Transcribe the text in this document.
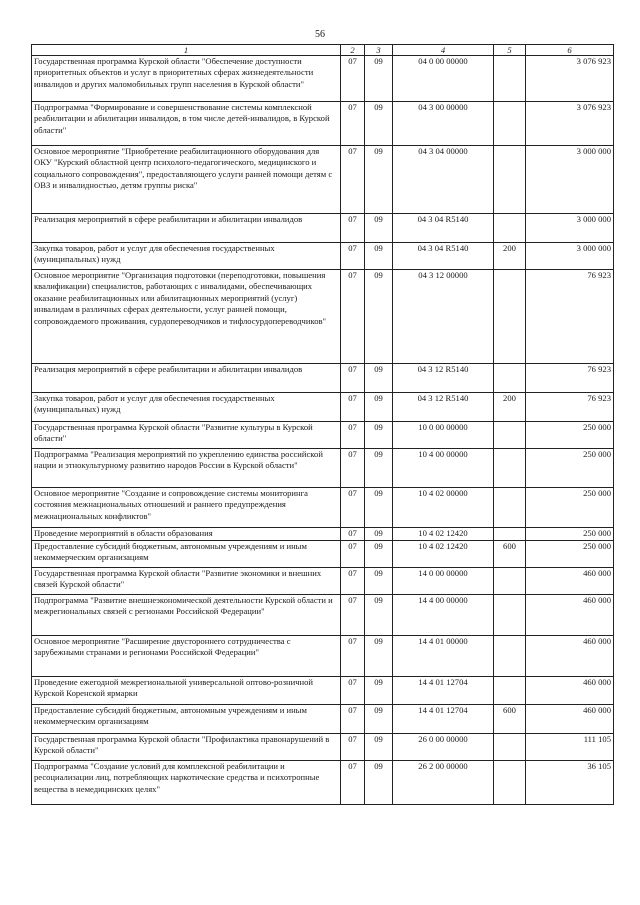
56
1	2	3	4	5	6
Государственная программа Курской области "Обеспечение доступности приоритетных объектов и услуг в приоритетных сферах жизнедеятельности инвалидов и других маломобильных групп населения в Курской области"	07	09	04 0 00 00000		3 076 923
Подпрограмма "Формирование и совершенствование системы комплексной реабилитации и абилитации инвалидов, в том числе детей-инвалидов, в Курской области"	07	09	04 3 00 00000		3 076 923
Основное мероприятие "Приобретение реабилитационного оборудования для ОКУ "Курский областной центр психолого-педагогического, медицинского и социального сопровождения", предоставляющего услуги ранней помощи детям с ОВЗ и инвалидностью, детям группы риска"	07	09	04 3 04 00000		3 000 000
Реализация мероприятий в сфере реабилитации и абилитации инвалидов	07	09	04 3 04 R5140		3 000 000
Закупка товаров, работ и услуг для обеспечения государственных (муниципальных) нужд	07	09	04 3 04 R5140	200	3 000 000
Основное мероприятие "Организация подготовки (переподготовки, повышения квалификации) специалистов, работающих с инвалидами, обеспечивающих оказание реабилитационных или абилитационных мероприятий (услуг) инвалидам в различных сферах деятельности, услуг ранней помощи, сопровождаемого проживания, сурдопереводчиков и тифлосурдопереводчиков"	07	09	04 3 12 00000		76 923
Реализация мероприятий в сфере реабилитации и абилитации инвалидов	07	09	04 3 12 R5140		76 923
Закупка товаров, работ и услуг для обеспечения государственных (муниципальных) нужд	07	09	04 3 12 R5140	200	76 923
Государственная программа Курской области "Развитие культуры в Курской области"	07	09	10 0 00 00000		250 000
Подпрограмма "Реализация мероприятий по укреплению единства российской нации и этнокультурному развитию народов России в Курской области"	07	09	10 4 00 00000		250 000
Основное мероприятие "Создание и сопровождение системы мониторинга состояния межнациональных отношений и раннего предупреждения межнациональных конфликтов"	07	09	10 4 02 00000		250 000
Проведение мероприятий в области образования	07	09	10 4 02 12420		250 000
Предоставление субсидий бюджетным, автономным учреждениям и иным некоммерческим организациям	07	09	10 4 02 12420	600	250 000
Государственная программа Курской области "Развитие экономики и внешних связей Курской области"	07	09	14 0 00 00000		460 000
Подпрограмма "Развитие внешнеэкономической деятельности Курской области и межрегиональных связей с регионами Российской Федерации"	07	09	14 4 00 00000		460 000
Основное мероприятие "Расширение двустороннего сотрудничества с зарубежными странами и регионами Российской Федерации"	07	09	14 4 01 00000		460 000
Проведение ежегодной межрегиональной универсальной оптово-розничной Курской Коренской ярмарки	07	09	14 4 01 12704		460 000
Предоставление субсидий бюджетным, автономным учреждениям и иным некоммерческим организациям	07	09	14 4 01 12704	600	460 000
Государственная программа Курской области "Профилактика правонарушений в Курской области"	07	09	26 0 00 00000		111 105
Подпрограмма "Создание условий для комплексной реабилитации и ресоциализации лиц, потребляющих наркотические средства и психотропные вещества в немедицинских целях"	07	09	26 2 00 00000		36 105
